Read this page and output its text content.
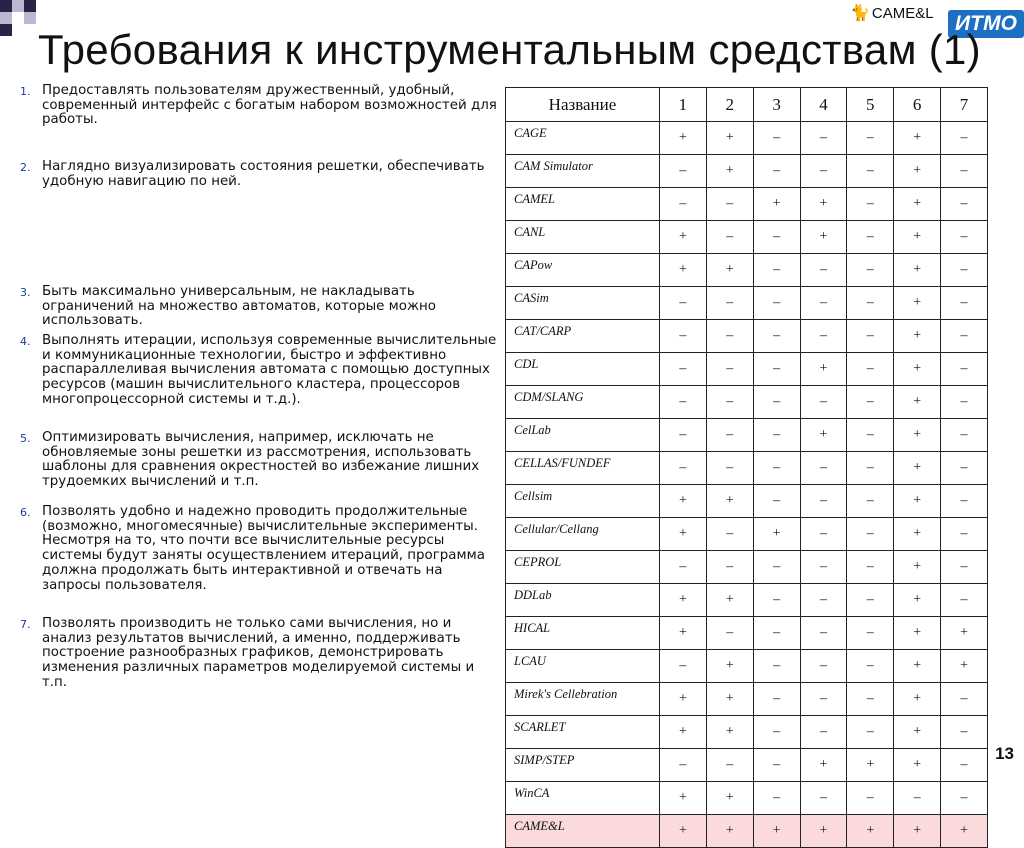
🐈 CAME&L ИТМО
Требования к инструментальным средствам (1)
1. Предоставлять пользователям дружественный, удобный, современный интерфейс с богатым набором возможностей для работы.
2. Наглядно визуализировать состояния решетки, обеспечивать удобную навигацию по ней.
3. Быть максимально универсальным, не накладывать ограничений на множество автоматов, которые можно использовать.
4. Выполнять итерации, используя современные вычислительные и коммуникационные технологии, быстро и эффективно распараллеливая вычисления автомата с помощью доступных ресурсов (машин вычислительного кластера, процессоров многопроцессорной системы и т.д.).
5. Оптимизировать вычисления, например, исключать не обновляемые зоны решетки из рассмотрения, использовать шаблоны для сравнения окрестностей во избежание лишних трудоемких вычислений и т.п.
6. Позволять удобно и надежно проводить продолжительные (возможно, многомесячные) вычислительные эксперименты. Несмотря на то, что почти все вычислительные ресурсы системы будут заняты осуществлением итераций, программа должна продолжать быть интерактивной и отвечать на запросы пользователя.
7. Позволять производить не только сами вычисления, но и анализ результатов вычислений, а именно, поддерживать построение разнообразных графиков, демонстрировать изменения различных параметров моделируемой системы и т.п.
Название	1	2	3	4	5	6	7
CAGE	+	+	–	–	–	+	–
CAM Simulator	–	+	–	–	–	+	–
CAMEL	–	–	+	+	–	+	–
CANL	+	–	–	+	–	+	–
CAPow	+	+	–	–	–	+	–
CASim	–	–	–	–	–	+	–
CAT/CARP	–	–	–	–	–	+	–
CDL	–	–	–	+	–	+	–
CDM/SLANG	–	–	–	–	–	+	–
CelLab	–	–	–	+	–	+	–
CELLAS/FUNDEF	–	–	–	–	–	+	–
Cellsim	+	+	–	–	–	+	–
Cellular/Cellang	+	–	+	–	–	+	–
CEPROL	–	–	–	–	–	+	–
DDLab	+	+	–	–	–	+	–
HICAL	+	–	–	–	–	+	+
LCAU	–	+	–	–	–	+	+
Mirek's Cellebration	+	+	–	–	–	+	–
SCARLET	+	+	–	–	–	+	–
SIMP/STEP	–	–	–	+	+	+	–
WinCA	+	+	–	–	–	–	–
CAME&L	+	+	+	+	+	+	+
13
